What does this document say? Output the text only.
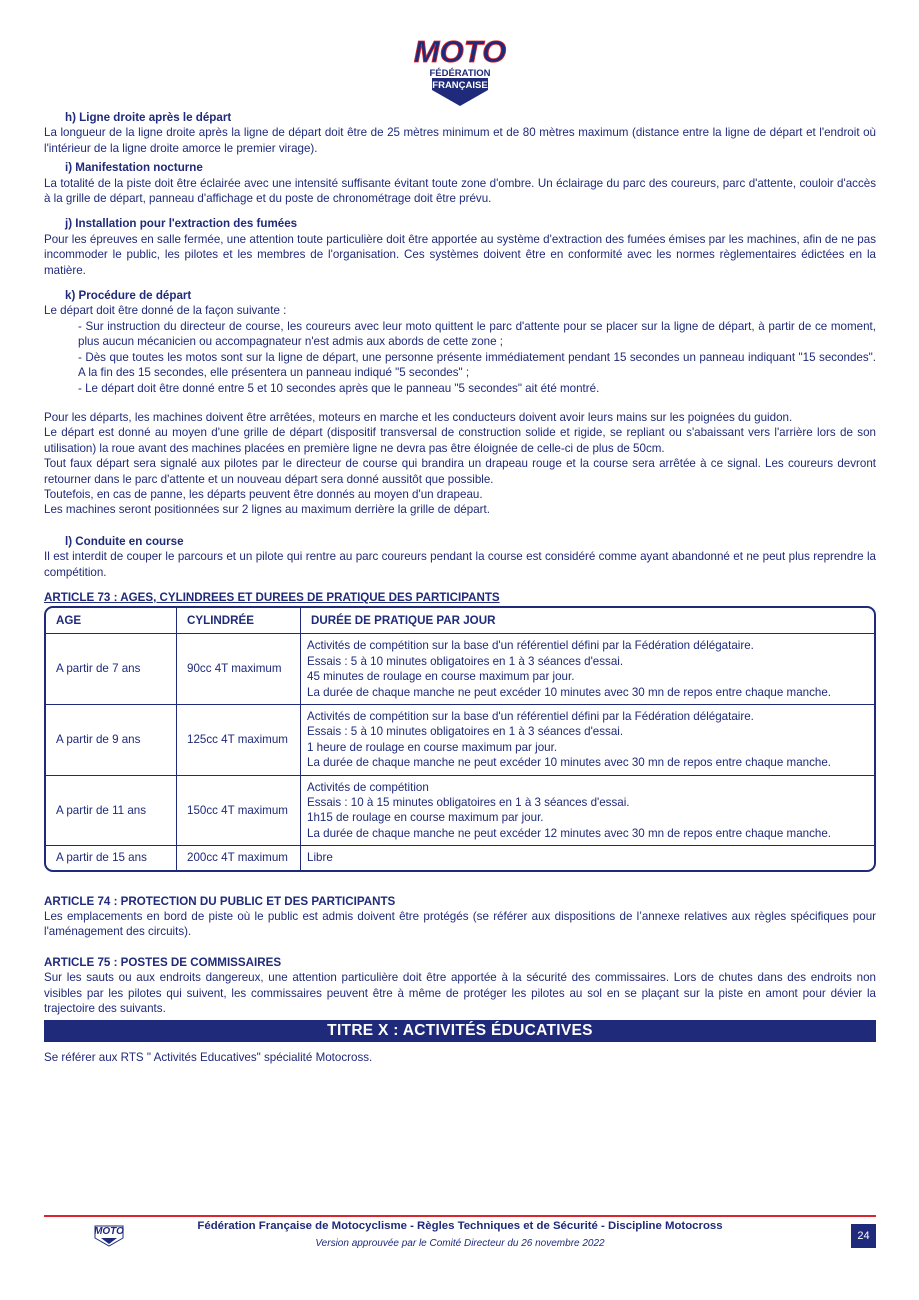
MOTO
FÉDÉRATION
FRANÇAISE
h) Ligne droite après le départ

La longueur de la ligne droite après la ligne de départ doit être de 25 mètres minimum et de 80 mètres maximum (distance entre la ligne de départ et l'endroit où l'intérieur de la ligne droite amorce le premier virage).

i) Manifestation nocturne

La totalité de la piste doit être éclairée avec une intensité suffisante évitant toute zone d'ombre. Un éclairage du parc des coureurs, parc d'attente, couloir d'accès à la grille de départ, panneau d'affichage et du poste de chronométrage doit être prévu.

j) Installation pour l'extraction des fumées

Pour les épreuves en salle fermée, une attention toute particulière doit être apportée au système d'extraction des fumées émises par les machines, afin de ne pas incommoder le public, les pilotes et les membres de l'organisation. Ces systèmes doivent être en conformité avec les normes règlementaires édictées en la matière.

k) Procédure de départ

Le départ doit être donné de la façon suivante :

- Sur instruction du directeur de course, les coureurs avec leur moto quittent le parc d'attente pour se placer sur la ligne de départ, à partir de ce moment, plus aucun mécanicien ou accompagnateur n'est admis aux abords de cette zone ;
- Dès que toutes les motos sont sur la ligne de départ, une personne présente immédiatement pendant 15 secondes un panneau indiquant "15 secondes". A la fin des 15 secondes, elle présentera un panneau indiqué "5 secondes" ;
- Le départ doit être donné entre 5 et 10 secondes après que le panneau "5 secondes" ait été montré.

Pour les départs, les machines doivent être arrêtées, moteurs en marche et les conducteurs doivent avoir leurs mains sur les poignées du guidon.

Le départ est donné au moyen d'une grille de départ (dispositif transversal de construction solide et rigide, se repliant ou s'abaissant vers l'arrière lors de son utilisation) la roue avant des machines placées en première ligne ne devra pas être éloignée de celle-ci de plus de 50cm.

Tout faux départ sera signalé aux pilotes par le directeur de course qui brandira un drapeau rouge et la course sera arrêtée à ce signal. Les coureurs devront retourner dans le parc d'attente et un nouveau départ sera donné aussitôt que possible.

Toutefois, en cas de panne, les départs peuvent être donnés au moyen d'un drapeau.

Les machines seront positionnées sur 2 lignes au maximum derrière la grille de départ.

l) Conduite en course

Il est interdit de couper le parcours et un pilote qui rentre au parc coureurs pendant la course est considéré comme ayant abandonné et ne peut plus reprendre la compétition.

ARTICLE 73 : AGES, CYLINDREES ET DUREES DE PRATIQUE DES PARTICIPANTS
AGE	CYLINDRÉE	DURÉE DE PRATIQUE PAR JOUR
A partir de 7 ans	90cc 4T maximum	Activités de compétition sur la base d'un référentiel défini par la Fédération délégataire.
Essais : 5 à 10 minutes obligatoires en 1 à 3 séances d'essai.
45 minutes de roulage en course maximum par jour.
La durée de chaque manche ne peut excéder 10 minutes avec 30 mn de repos entre chaque manche.

A partir de 9 ans	125cc 4T maximum	Activités de compétition sur la base d'un référentiel défini par la Fédération délégataire.
Essais : 5 à 10 minutes obligatoires en 1 à 3 séances d'essai.
1 heure de roulage en course maximum par jour.
La durée de chaque manche ne peut excéder 10 minutes avec 30 mn de repos entre chaque manche.

A partir de 11 ans	150cc 4T maximum	Activités de compétition
Essais : 10 à 15 minutes obligatoires en 1 à 3 séances d'essai.
1h15 de roulage en course maximum par jour.
La durée de chaque manche ne peut excéder 12 minutes avec 30 mn de repos entre chaque manche.

A partir de 15 ans	200cc 4T maximum	Libre
ARTICLE 74 : PROTECTION DU PUBLIC ET DES PARTICIPANTS

Les emplacements en bord de piste où le public est admis doivent être protégés (se référer aux dispositions de l’annexe relatives aux règles spécifiques pour l'aménagement des circuits).

ARTICLE 75 : POSTES DE COMMISSAIRES

Sur les sauts ou aux endroits dangereux, une attention particulière doit être apportée à la sécurité des commissaires. Lors de chutes dans des endroits non visibles par les pilotes qui suivent, les commissaires peuvent être à même de protéger les pilotes au sol en se plaçant sur la piste en amont pour dévier la trajectoire des suivants.

TITRE X : ACTIVITÉS ÉDUCATIVES

Se référer aux RTS " Activités Educatives" spécialité Motocross.

MOTO	Fédération Française de Motocyclisme - Règles Techniques et de Sécurité - Discipline Motocross
Version approuvée par le Comité Directeur du 26 novembre 2022
24
